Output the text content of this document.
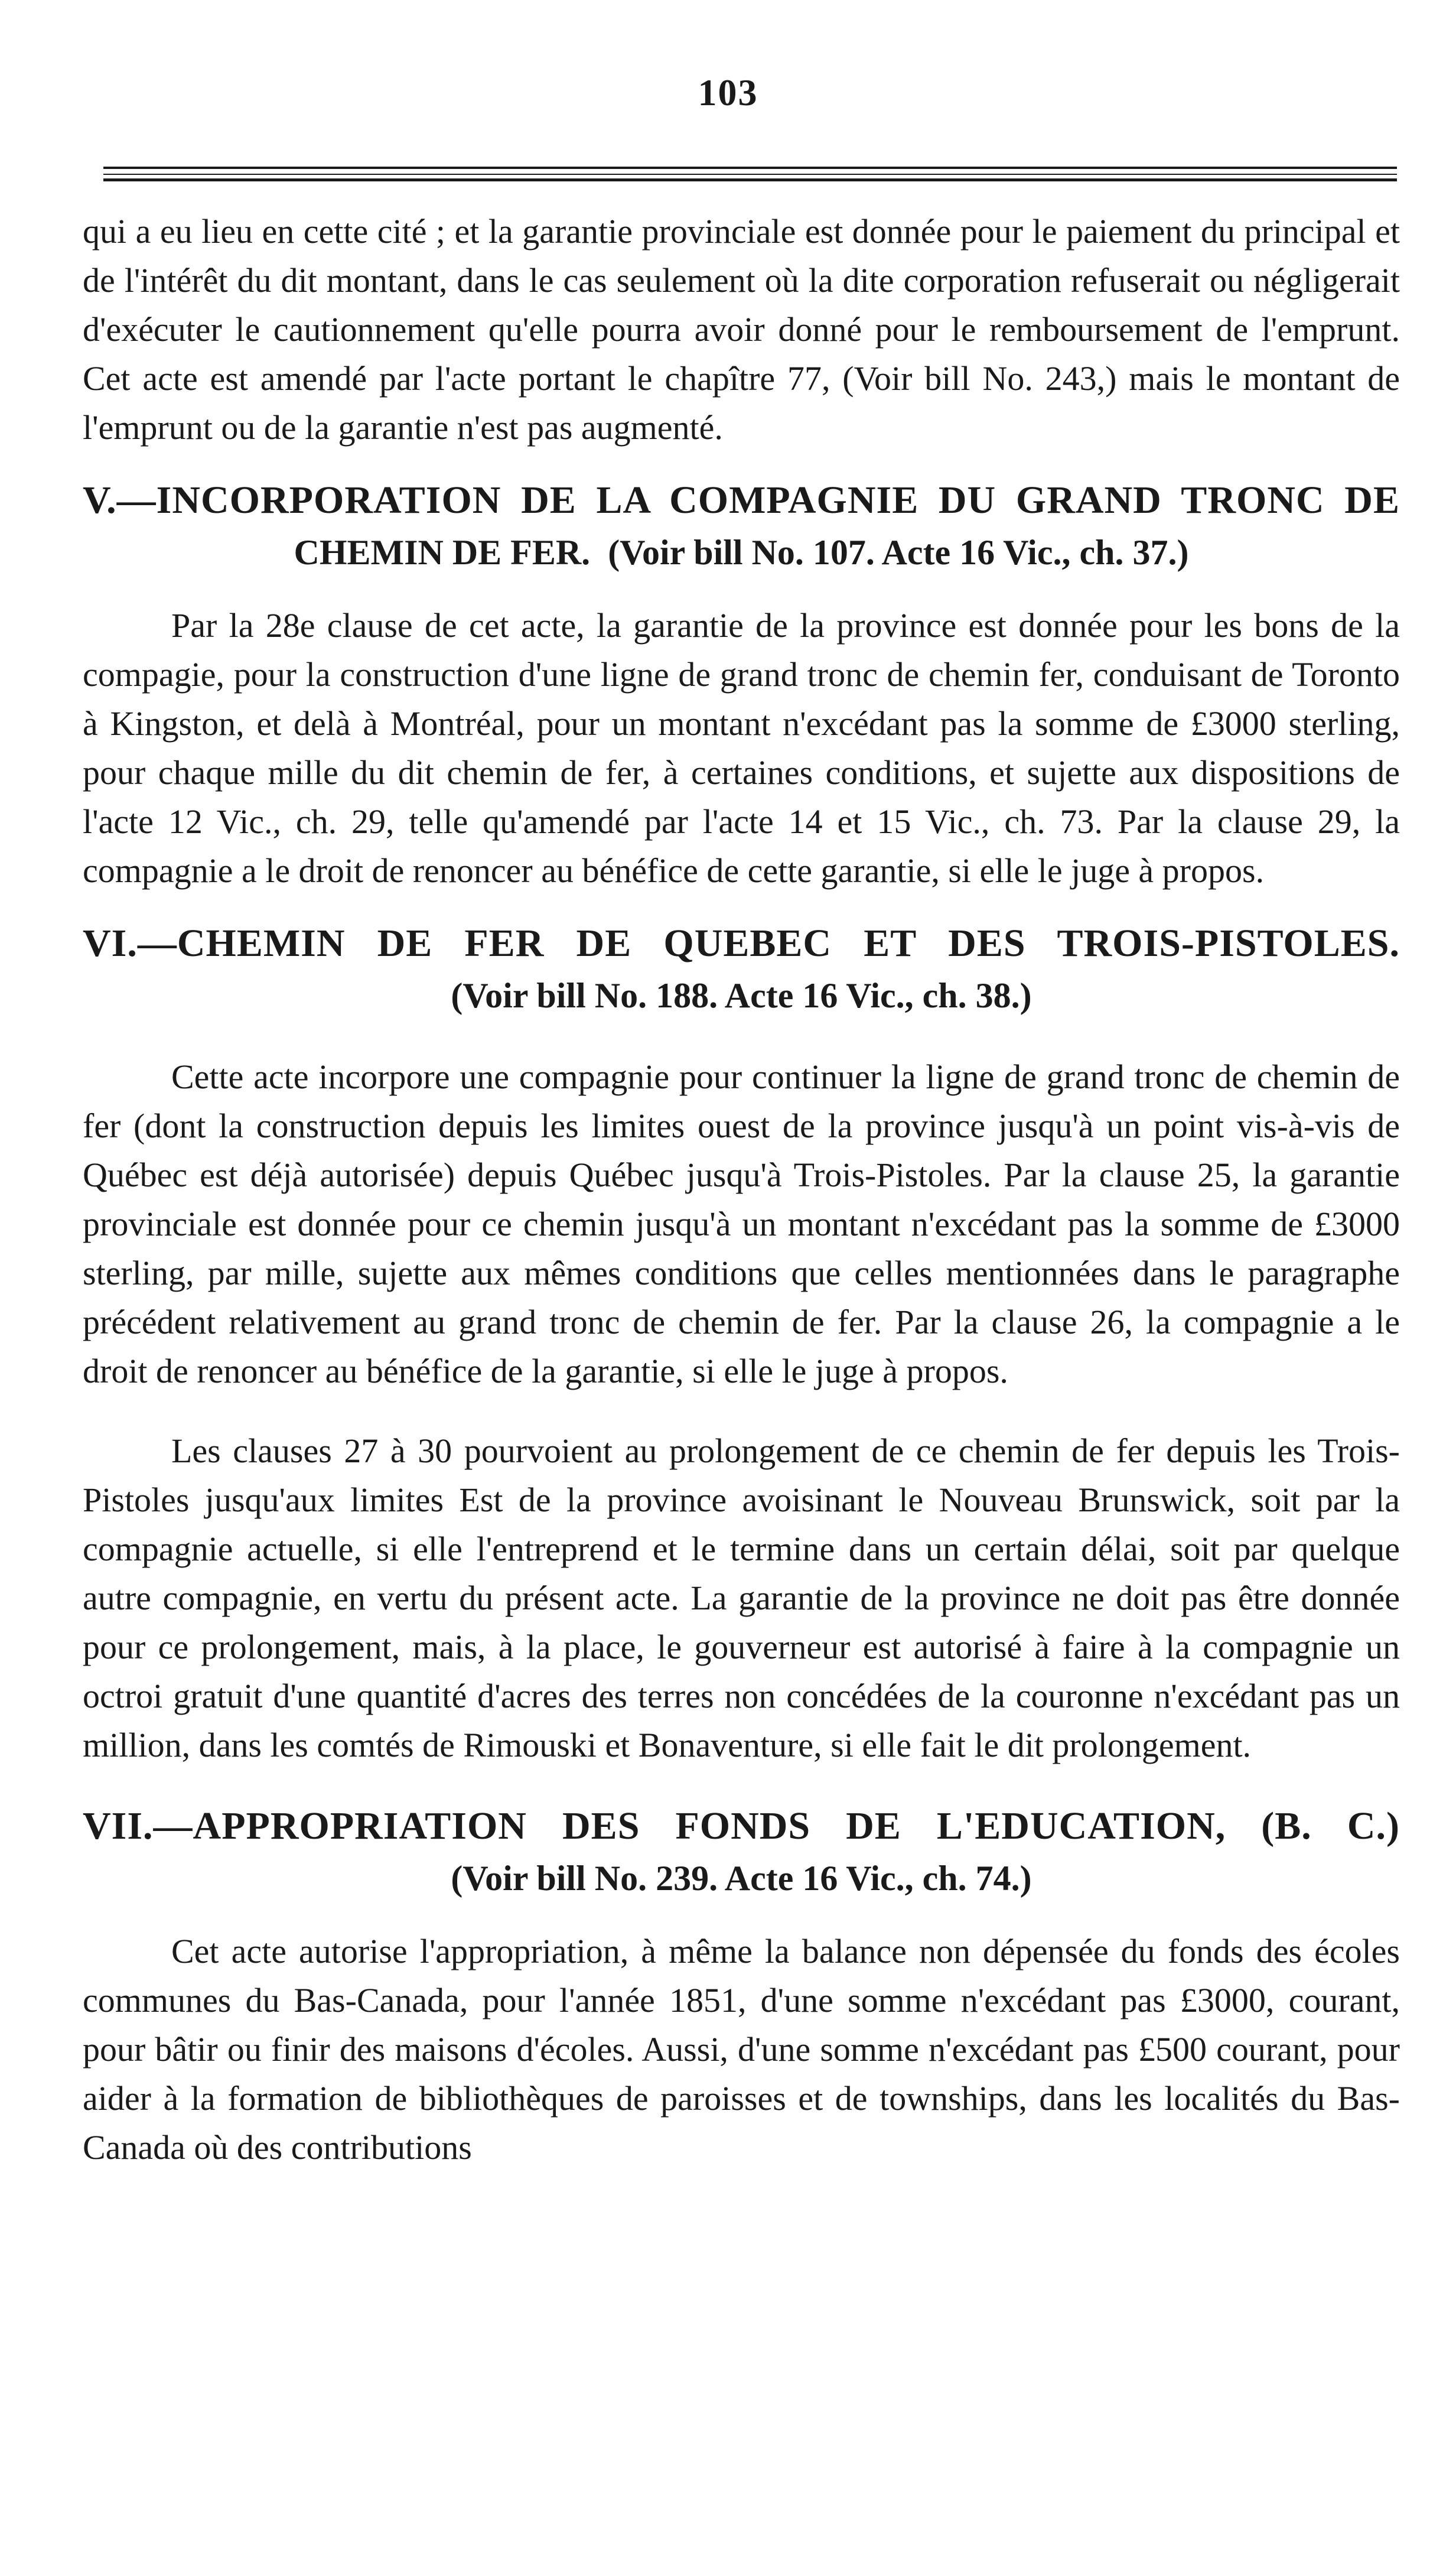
103

qui a eu lieu en cette cité ; et la garantie provinciale est donnée pour le paiement du principal et de l'intérêt du dit montant, dans le cas seulement où la dite corporation refuserait ou négligerait d'exécuter le cautionnement qu'elle pourra avoir donné pour le remboursement de l'emprunt. Cet acte est amendé par l'acte portant le chapître 77, (Voir bill No. 243,) mais le montant de l'emprunt ou de la garantie n'est pas augmenté.

V.—INCORPORATION DE LA COMPAGNIE DU GRAND TRONC DE
CHEMIN DE FER. (Voir bill No. 107. Acte 16 Vic., ch. 37.)

Par la 28e clause de cet acte, la garantie de la province est donnée pour les bons de la compagie, pour la construction d'une ligne de grand tronc de chemin fer, conduisant de Toronto à Kingston, et delà à Montréal, pour un montant n'excédant pas la somme de £3000 sterling, pour chaque mille du dit chemin de fer, à certaines conditions, et sujette aux dispositions de l'acte 12 Vic., ch. 29, telle qu'amendé par l'acte 14 et 15 Vic., ch. 73. Par la clause 29, la compagnie a le droit de renoncer au bénéfice de cette garantie, si elle le juge à propos.

VI.—CHEMIN DE FER DE QUEBEC ET DES TROIS-PISTOLES.
(Voir bill No. 188. Acte 16 Vic., ch. 38.)

Cette acte incorpore une compagnie pour continuer la ligne de grand tronc de chemin de fer (dont la construction depuis les limites ouest de la province jusqu'à un point vis-à-vis de Québec est déjà autorisée) depuis Québec jusqu'à Trois-Pistoles. Par la clause 25, la garantie provinciale est donnée pour ce chemin jusqu'à un montant n'excédant pas la somme de £3000 sterling, par mille, sujette aux mêmes conditions que celles mentionnées dans le paragraphe précédent relativement au grand tronc de chemin de fer. Par la clause 26, la compagnie a le droit de renoncer au bénéfice de la garantie, si elle le juge à propos.

Les clauses 27 à 30 pourvoient au prolongement de ce chemin de fer depuis les Trois-Pistoles jusqu'aux limites Est de la province avoisinant le Nouveau Brunswick, soit par la compagnie actuelle, si elle l'entreprend et le termine dans un certain délai, soit par quelque autre compagnie, en vertu du présent acte. La garantie de la province ne doit pas être donnée pour ce prolongement, mais, à la place, le gouverneur est autorisé à faire à la compagnie un octroi gratuit d'une quantité d'acres des terres non concédées de la couronne n'excédant pas un million, dans les comtés de Rimouski et Bonaventure, si elle fait le dit prolongement.

VII.—APPROPRIATION DES FONDS DE L'EDUCATION, (B. C.)
(Voir bill No. 239. Acte 16 Vic., ch. 74.)

Cet acte autorise l'appropriation, à même la balance non dépensée du fonds des écoles communes du Bas-Canada, pour l'année 1851, d'une somme n'excédant pas £3000, courant, pour bâtir ou finir des maisons d'écoles. Aussi, d'une somme n'excédant pas £500 courant, pour aider à la formation de bibliothèques de paroisses et de townships, dans les localités du Bas-Canada où des contributions
